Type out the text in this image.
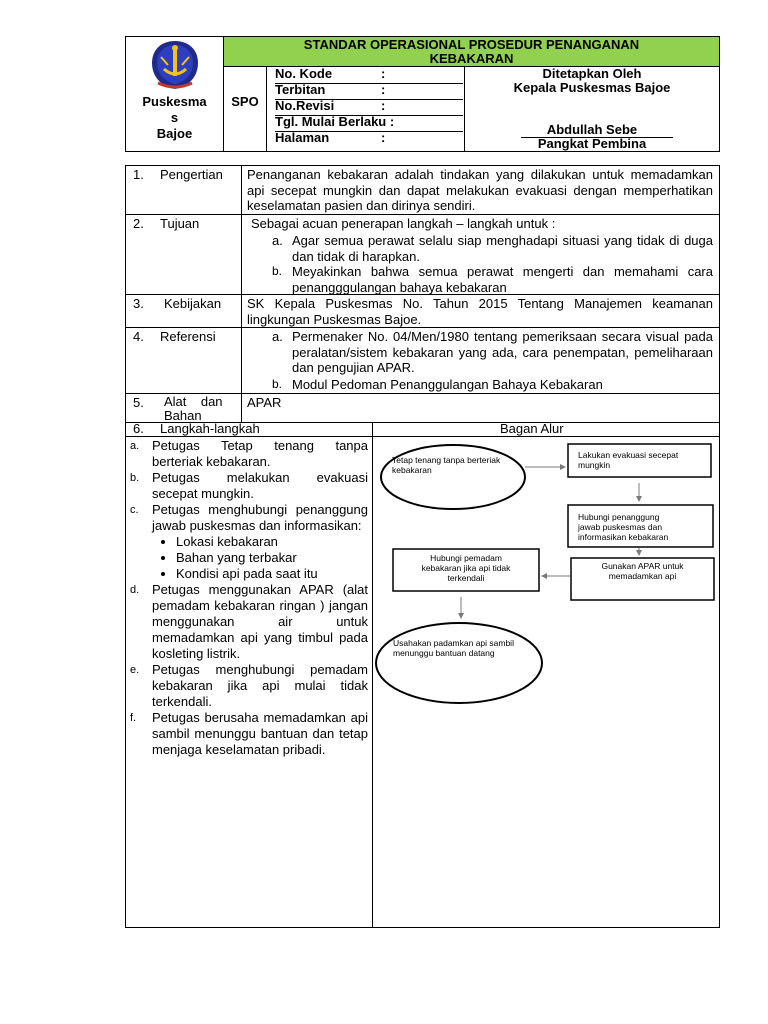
Puskesma
s
Bajoe
SPO
STANDAR OPERASIONAL PROSEDUR PENANGANAN
KEBAKARAN
No. Kode	:
Terbitan	:
No.Revisi	:
Tgl. Mulai Berlaku :
Halaman	:
Ditetapkan Oleh
Kepala Puskesmas Bajoe
Abdullah Sebe
Pangkat Pembina
1. Pengertian Penanganan kebakaran adalah tindakan yang dilakukan untuk memadamkan api secepat mungkin dan dapat melakukan evakuasi dengan memperhatikan keselamatan pasien dan dirinya sendiri.
2. Tujuan	Sebagai acuan penerapan langkah – langkah untuk :
a. Agar semua perawat selalu siap menghadapi situasi yang tidak di duga dan tidak di harapkan.
b. Meyakinkan bahwa semua perawat mengerti dan memahami cara penangggulangan bahaya kebakaran
3. Kebijakan SK Kepala Puskesmas No. Tahun 2015 Tentang Manajemen keamanan lingkungan Puskesmas Bajoe.
4. Referensi	a. Permenaker No. 04/Men/1980 tentang pemeriksaan secara visual pada peralatan/sistem kebakaran yang ada, cara penempatan, pemeliharaan dan pengujian APAR.
b. Modul Pedoman Penanggulangan Bahaya Kebakaran
5. Alat    dan
Bahan
APAR
6. Langkah-langkah	Bagan Alur
a. Petugas Tetap tenang tanpa berteriak kebakaran.
b. Petugas melakukan evakuasi secepat mungkin.
c. Petugas menghubungi penanggung jawab puskesmas dan informasikan:
• Lokasi kebakaran
• Bahan yang terbakar
• Kondisi api pada saat itu
d. Petugas menggunakan APAR (alat pemadam kebakaran ringan ) jangan menggunakan air untuk memadamkan api yang timbul pada kosleting listrik.
e. Petugas menghubungi pemadam kebakaran jika api mulai tidak terkendali.
f. Petugas berusaha memadamkan api sambil menunggu bantuan dan tetap menjaga keselamatan pribadi.
Tetap tenang tanpa berteriak
kebakaran
Lakukan evakuasi secepat
mungkin
Hubungi penanggung
jawab puskesmas dan
informasikan kebakaran
Gunakan APAR untuk
memadamkan api
Hubungi pemadam
kebakaran jika api tidak
terkendali
Usahakan padamkan api sambil
menunggu bantuan datang
